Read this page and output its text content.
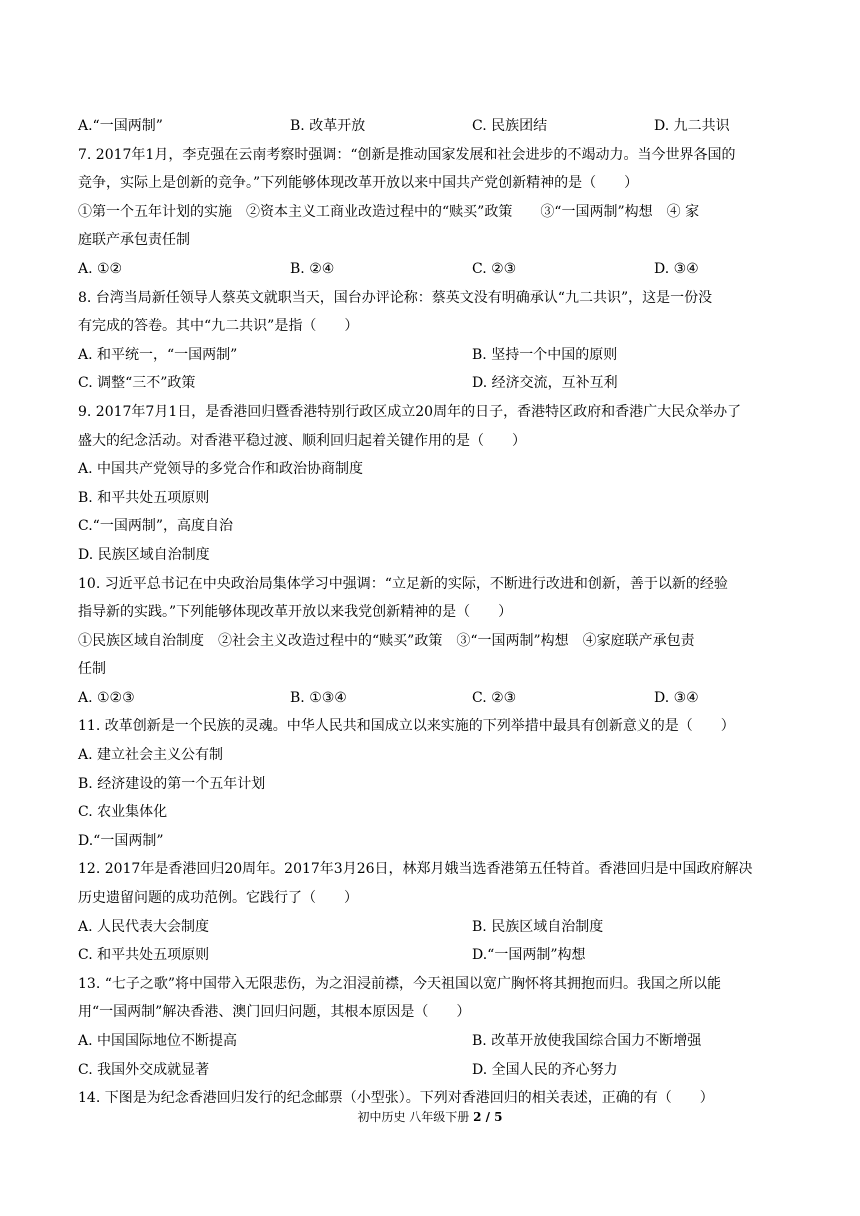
A.“一国两制”	B. 改革开放	C. 民族团结	D. 九二共识
7. 2017年1月，李克强在云南考察时强调：“创新是推动国家发展和社会进步的不竭动力。当今世界各国的
竞争，实际上是创新的竞争。”下列能够体现改革开放以来中国共产党创新精神的是（　　）
①第一个五年计划的实施　②资本主义工商业改造过程中的“赎买”政策　　③“一国两制”构想　④ 家
庭联产承包责任制
A. ①②	B. ②④	C. ②③	D. ③④
8. 台湾当局新任领导人蔡英文就职当天，国台办评论称：蔡英文没有明确承认“九二共识”，这是一份没
有完成的答卷。其中“九二共识”是指（　　）
A. 和平统一，“一国两制”	B. 坚持一个中国的原则
C. 调整“三不”政策	D. 经济交流，互补互利
9. 2017年7月1日，是香港回归暨香港特别行政区成立20周年的日子，香港特区政府和香港广大民众举办了
盛大的纪念活动。对香港平稳过渡、顺利回归起着关键作用的是（　　）
A. 中国共产党领导的多党合作和政治协商制度
B. 和平共处五项原则
C.“一国两制”，高度自治
D. 民族区域自治制度
10. 习近平总书记在中央政治局集体学习中强调：“立足新的实际，不断进行改进和创新，善于以新的经验
指导新的实践。”下列能够体现改革开放以来我党创新精神的是（　　）
①民族区域自治制度　②社会主义改造过程中的“赎买”政策　③“一国两制”构想　④家庭联产承包责
任制
A. ①②③	B. ①③④	C. ②③	D. ③④
11. 改革创新是一个民族的灵魂。中华人民共和国成立以来实施的下列举措中最具有创新意义的是（　　）
A. 建立社会主义公有制
B. 经济建设的第一个五年计划
C. 农业集体化
D.“一国两制”
12. 2017年是香港回归20周年。2017年3月26日，林郑月娥当选香港第五任特首。香港回归是中国政府解决
历史遗留问题的成功范例。它践行了（　　）
A. 人民代表大会制度	B. 民族区域自治制度
C. 和平共处五项原则	D.“一国两制”构想
13. “七子之歌”将中国带入无限悲伤，为之泪浸前襟，今天祖国以宽广胸怀将其拥抱而归。我国之所以能
用“一国两制”解决香港、澳门回归问题，其根本原因是（　　）
A. 中国国际地位不断提高	B. 改革开放使我国综合国力不断增强
C. 我国外交成就显著	D. 全国人民的齐心努力
14. 下图是为纪念香港回归发行的纪念邮票（小型张）。下列对香港回归的相关表述，正确的有（　　）
初中历史 八年级下册 2 / 5
